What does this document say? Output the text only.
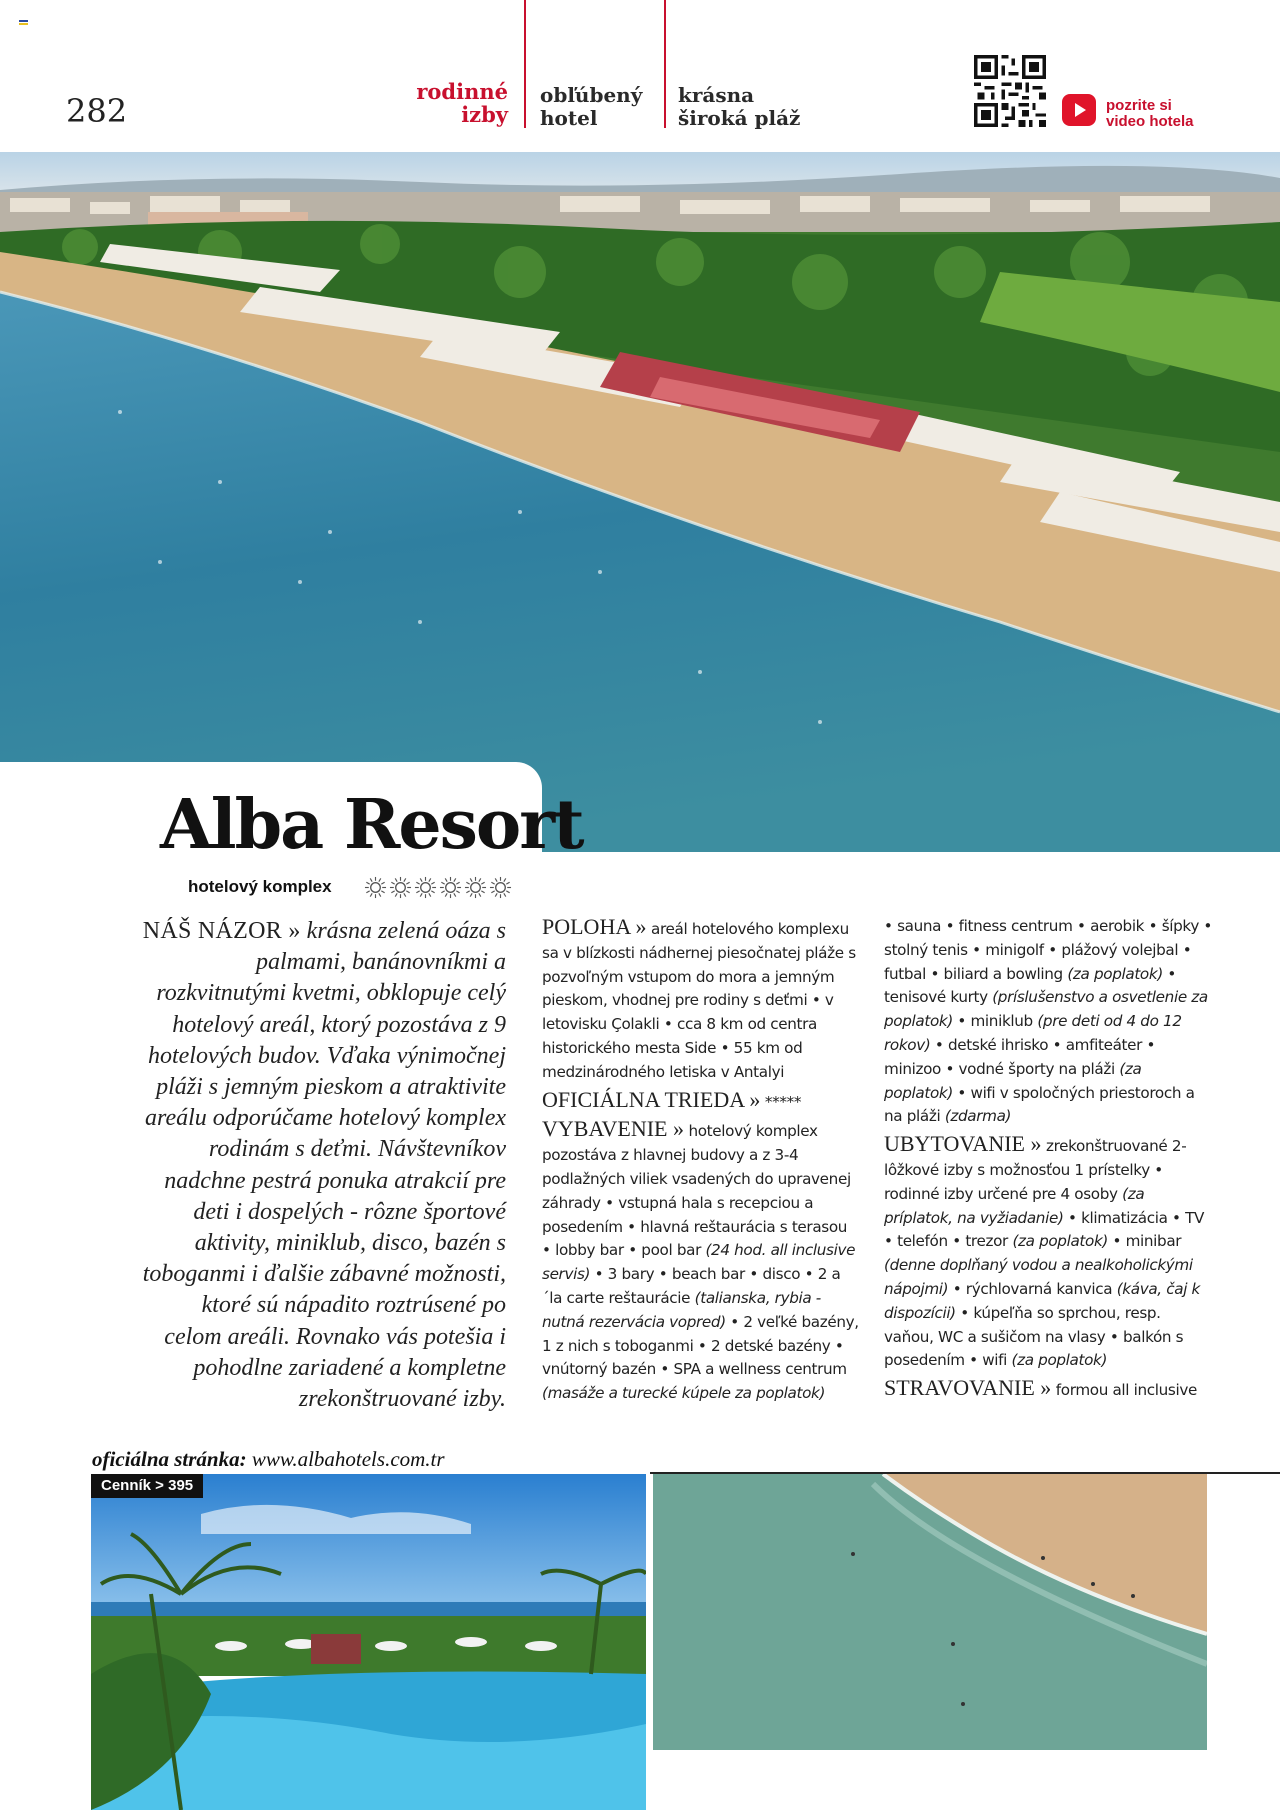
282
rodinné
izby
obľúbený
hotel
krásna
široká pláž
pozrite si
video hotela
Alba Resort
hotelový komplex
NÁŠ NÁZOR » krásna zelená oáza s palmami, banánovníkmi a rozkvitnutými kvetmi, obklopuje celý hotelový areál, ktorý pozostáva z 9 hotelových budov. Vďaka výnimočnej pláži s jemným pieskom a atraktivite areálu odporúčame hotelový komplex rodinám s deťmi. Návštevníkov nadchne pestrá ponuka atrakcií pre deti i dospelých - rôzne športové aktivity, miniklub, disco, bazén s toboganmi i ďalšie zábavné možnosti, ktoré sú nápadito roztrúsené po celom areáli. Rovnako vás potešia i pohodlne zariadené a kompletne zrekonštruované izby.

POLOHA » areál hotelového komplexu sa v blízkosti nádhernej piesočnatej pláže s pozvoľným vstupom do mora a jemným pieskom, vhodnej pre rodiny s deťmi • v letovisku Çolakli • cca 8 km od centra historického mesta Side • 55 km od medzinárodného letiska v Antalyi

OFICIÁLNA TRIEDA » *****

VYBAVENIE » hotelový komplex pozostáva z hlavnej budovy a z 3-4 podlažných viliek vsadených do upravenej záhrady • vstupná hala s recepciou a posedením • hlavná reštaurácia s terasou • lobby bar • pool bar (24 hod. all inclusive servis) • 3 bary • beach bar • disco • 2 a´la carte reštaurácie (talianska, rybia - nutná rezervácia vopred) • 2 veľké bazény, 1 z nich s toboganmi • 2 detské bazény • vnútorný bazén • SPA a wellness centrum (masáže a turecké kúpele za poplatok)

• sauna • fitness centrum • aerobik • šípky • stolný tenis • minigolf • plážový volejbal • futbal • biliard a bowling (za poplatok) • tenisové kurty (príslušenstvo a osvetlenie za poplatok) • miniklub (pre deti od 4 do 12 rokov) • detské ihrisko • amfiteáter • minizoo • vodné športy na pláži (za poplatok) • wifi v spoločných priestoroch a na pláži (zdarma)

UBYTOVANIE » zrekonštruované 2-lôžkové izby s možnosťou 1 prístelky • rodinné izby určené pre 4 osoby (za príplatok, na vyžiadanie) • klimatizácia • TV • telefón • trezor (za poplatok) • minibar (denne doplňaný vodou a nealkoholickými nápojmi) • rýchlovarná kanvica (káva, čaj k dispozícii) • kúpeľňa so sprchou, resp. vaňou, WC a sušičom na vlasy • balkón s posedením • wifi (za poplatok)

STRAVOVANIE » formou all inclusive

oficiálna stránka: www.albahotels.com.tr
Cenník > 395
